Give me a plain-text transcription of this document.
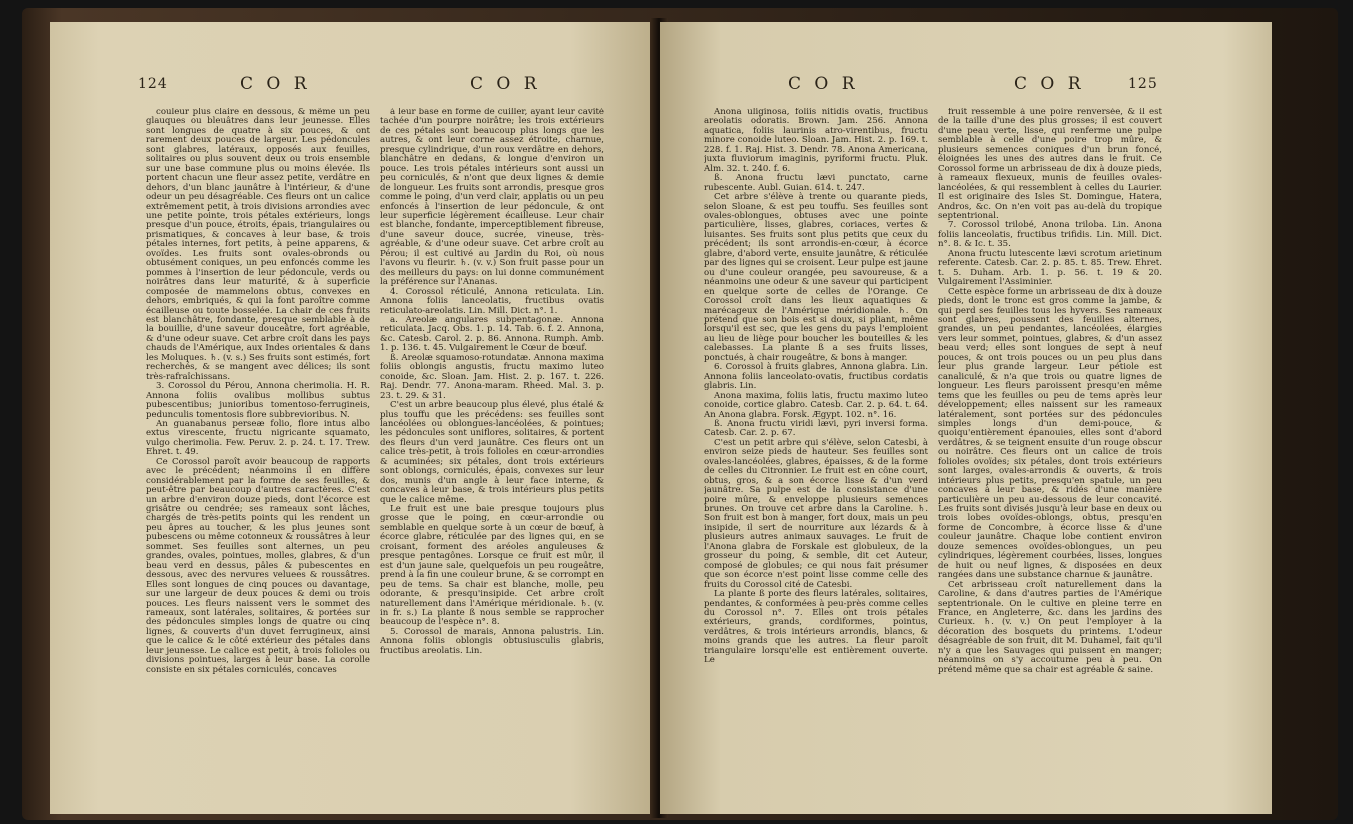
124	C O R	C O R

couleur plus claire en dessous, & même un peu glauques ou bleuâtres dans leur jeunesse. Elles sont longues de quatre à six pouces, & ont rarement deux pouces de largeur. Les pédoncules sont glabres, latéraux, opposés aux feuilles, solitaires ou plus souvent deux ou trois ensemble sur une base commune plus ou moins élevée. Ils portent chacun une fleur assez petite, verdâtre en dehors, d'un blanc jaunâtre à l'intérieur, & d'une odeur un peu désagréable. Ces fleurs ont un calice extrêmement petit, à trois divisions arrondies avec une petite pointe, trois pétales extérieurs, longs presque d'un pouce, étroits, épais, triangulaires ou prismatiques, & concaves à leur base, & trois pétales internes, fort petits, à peine apparens, & ovoïdes. Les fruits sont ovales-obronds ou obtusément coniques, un peu enfoncés comme les pommes à l'insertion de leur pédoncule, verds ou noirâtres dans leur maturité, & à superficie composée de mammelons obtus, convexes en dehors, embriqués, & qui la font paroître comme écailleuse ou toute bosselée. La chair de ces fruits est blanchâtre, fondante, presque semblable à de la bouillie, d'une saveur douceâtre, fort agréable, & d'une odeur suave. Cet arbre croît dans les pays chauds de l'Amérique, aux Indes orientales & dans les Moluques. ♄. (v. s.) Ses fruits sont estimés, fort recherchés, & se mangent avec délices; ils sont très-rafraîchissans.

3. Corossol du Pérou, Annona cherimolia. H. R. Annona foliis ovalibus mollibus subtus pubescentibus; junioribus tomentoso-ferrugineis, pedunculis tomentosis flore subbrevioribus. N.

An guanabanus perseæ folio, flore intus albo extus virescente, fructu nigricante squamato, vulgo cherimolia. Few. Peruv. 2. p. 24. t. 17. Trew. Ehret. t. 49.

Ce Corossol paroît avoir beaucoup de rapports avec le précédent; néanmoins il en diffère considérablement par la forme de ses feuilles, & peut-être par beaucoup d'autres caractères. C'est un arbre d'environ douze pieds, dont l'écorce est grisâtre ou cendrée; ses rameaux sont lâches, chargés de très-petits points qui les rendent un peu âpres au toucher, & les plus jeunes sont pubescens ou même cotonneux & roussâtres à leur sommet. Ses feuilles sont alternes, un peu grandes, ovales, pointues, molles, glabres, & d'un beau verd en dessus, pâles & pubescentes en dessous, avec des nervures veluees & roussâtres. Elles sont longues de cinq pouces ou davantage, sur une largeur de deux pouces & demi ou trois pouces. Les fleurs naissent vers le sommet des rameaux, sont latérales, solitaires, & portées sur des pédoncules simples longs de quatre ou cinq lignes, & couverts d'un duvet ferrugineux, ainsi que le calice & le côté extérieur des pétales dans leur jeunesse. Le calice est petit, à trois folioles ou divisions pointues, larges à leur base. La corolle consiste en six pétales corniculés, concaves

à leur base en forme de cuiller, ayant leur cavité tachée d'un pourpre noirâtre; les trois extérieurs de ces pétales sont beaucoup plus longs que les autres, & ont leur corne assez étroite, charnue, presque cylindrique, d'un roux verdâtre en dehors, blanchâtre en dedans, & longue d'environ un pouce. Les trois pétales intérieurs sont aussi un peu corniculés, & n'ont que deux lignes & demie de longueur. Les fruits sont arrondis, presque gros comme le poing, d'un verd clair, applatis ou un peu enfoncés à l'insertion de leur pédoncule, & ont leur superficie légèrement écailleuse. Leur chair est blanche, fondante, imperceptiblement fibreuse, d'une saveur douce, sucrée, vineuse, très-agréable, & d'une odeur suave. Cet arbre croît au Pérou; il est cultivé au Jardin du Roi, où nous l'avons vu fleurir. ♄. (v. v.) Son fruit passe pour un des meilleurs du pays: on lui donne communément la préférence sur l'Ananas.

4. Corossol réticulé, Annona reticulata. Lin. Annona foliis lanceolatis, fructibus ovatis reticulato-areolatis. Lin. Mill. Dict. n°. 1.

a. Areolæ angulares subpentagonæ. Annona reticulata. Jacq. Obs. 1. p. 14. Tab. 6. f. 2. Annona, &c. Catesb. Carol. 2. p. 86. Annona. Rumph. Amb. 1. p. 136. t. 45. Vulgairement le Cœur de bœuf.

ß. Areolæ squamoso-rotundatæ. Annona maxima foliis oblongis angustis, fructu maximo luteo conoide, &c. Sloan. Jam. Hist. 2. p. 167. t. 226. Raj. Dendr. 77. Anona-maram. Rheed. Mal. 3. p. 23. t. 29. & 31.

C'est un arbre beaucoup plus élevé, plus étalé & plus touffu que les précédens: ses feuilles sont lancéolées ou oblongues-lancéolées, & pointues; les pédoncules sont uniflores, solitaires, & portent des fleurs d'un verd jaunâtre. Ces fleurs ont un calice très-petit, à trois folioles en cœur-arrondies & acuminées; six pétales, dont trois extérieurs sont oblongs, corniculés, épais, convexes sur leur dos, munis d'un angle à leur face interne, & concaves à leur base, & trois intérieurs plus petits que le calice même.

Le fruit est une baie presque toujours plus grosse que le poing, en cœur-arrondie ou semblable en quelque sorte à un cœur de bœuf, à écorce glabre, réticulée par des lignes qui, en se croisant, forment des aréoles anguleuses & presque pentagônes. Lorsque ce fruit est mûr, il est d'un jaune sale, quelquefois un peu rougeâtre, prend à la fin une couleur brune, & se corrompt en peu de tems. Sa chair est blanche, molle, peu odorante, & presqu'insipide. Cet arbre croît naturellement dans l'Amérique méridionale. ♄. (v. in fr. s.) La plante ß nous semble se rapprocher beaucoup de l'espèce n°. 8.

5. Corossol de marais, Annona palustris. Lin. Annona foliis oblongis obtusiusculis glabris, fructibus areolatis. Lin.

C O R	C O R	125

Anona uliginosa, foliis nitidis ovatis, fructibus areolatis odoratis. Brown. Jam. 256. Annona aquatica, foliis laurinis atro-virentibus, fructu minore conoide luteo. Sloan. Jam. Hist. 2. p. 169. t. 228. f. 1. Raj. Hist. 3. Dendr. 78. Anona Americana, juxta fluviorum imaginis, pyriformi fructu. Pluk. Alm. 32. t. 240. f. 6.

ß. Anona fructu lævi punctato, carne rubescente. Aubl. Guian. 614. t. 247.

Cet arbre s'élève à trente ou quarante pieds, selon Sloane, & est peu touffu. Ses feuilles sont ovales-oblongues, obtuses avec une pointe particulière, lisses, glabres, coriaces, vertes & luisantes. Ses fruits sont plus petits que ceux du précédent; ils sont arrondis-en-cœur, à écorce glabre, d'abord verte, ensuite jaunâtre, & réticulée par des lignes qui se croisent. Leur pulpe est jaune ou d'une couleur orangée, peu savoureuse, & a néanmoins une odeur & une saveur qui participent en quelque sorte de celles de l'Orange. Ce Corossol croît dans les lieux aquatiques & marécageux de l'Amérique méridionale. ♄. On prétend que son bois est si doux, si pliant, même lorsqu'il est sec, que les gens du pays l'emploient au lieu de liège pour boucher les bouteilles & les calebasses. La plante ß a ses fruits lisses, ponctués, à chair rougeâtre, & bons à manger.

6. Corossol à fruits glabres, Annona glabra. Lin. Annona foliis lanceolato-ovatis, fructibus cordatis glabris. Lin.

Anona maxima, foliis latis, fructu maximo luteo conoide, cortice glabro. Catesb. Car. 2. p. 64. t. 64. An Anona glabra. Forsk. Ægypt. 102. n°. 16.

ß. Anona fructu viridi lævi, pyri inversi forma. Catesb. Car. 2. p. 67.

C'est un petit arbre qui s'élève, selon Catesbi, à environ seize pieds de hauteur. Ses feuilles sont ovales-lancéolées, glabres, épaisses, & de la forme de celles du Citronnier. Le fruit est en cône court, obtus, gros, & a son écorce lisse & d'un verd jaunâtre. Sa pulpe est de la consistance d'une poire mûre, & enveloppe plusieurs semences brunes. On trouve cet arbre dans la Caroline. ♄. Son fruit est bon à manger, fort doux, mais un peu insipide, il sert de nourriture aux lézards & à plusieurs autres animaux sauvages. Le fruit de l'Anona glabra de Forskale est globuleux, de la grosseur du poing, & semble, dit cet Auteur, composé de globules; ce qui nous fait présumer que son écorce n'est point lisse comme celle des fruits du Corossol cité de Catesbi.

La plante ß porte des fleurs latérales, solitaires, pendantes, & conformées à peu-près comme celles du Corossol n°. 7. Elles ont trois pétales extérieurs, grands, cordiformes, pointus, verdâtres, & trois intérieurs arrondis, blancs, & moins grands que les autres. La fleur paroît triangulaire lorsqu'elle est entièrement ouverte. Le

fruit ressemble à une poire renversée, & il est de la taille d'une des plus grosses; il est couvert d'une peau verte, lisse, qui renferme une pulpe semblable à celle d'une poire trop mûre, & plusieurs semences coniques d'un brun foncé, éloignées les unes des autres dans le fruit. Ce Corossol forme un arbrisseau de dix à douze pieds, à rameaux flexueux, munis de feuilles ovales-lancéolées, & qui ressemblent à celles du Laurier. Il est originaire des Isles St. Domingue, Hatera, Andros, &c. On n'en voit pas au-delà du tropique septentrional.

7. Corossol trilobé, Anona triloba. Lin. Anona foliis lanceolatis, fructibus trifidis. Lin. Mill. Dict. n°. 8. & Ic. t. 35.

Anona fructu lutescente lævi scrotum arietinum referente. Catesb. Car. 2. p. 85. t. 85. Trew. Ehret. t. 5. Duham. Arb. 1. p. 56. t. 19 & 20. Vulgairement l'Assiminier.

Cette espèce forme un arbrisseau de dix à douze pieds, dont le tronc est gros comme la jambe, & qui perd ses feuilles tous les hyvers. Ses rameaux sont glabres, poussent des feuilles alternes, grandes, un peu pendantes, lancéolées, élargies vers leur sommet, pointues, glabres, & d'un assez beau verd; elles sont longues de sept à neuf pouces, & ont trois pouces ou un peu plus dans leur plus grande largeur. Leur pétiole est canaliculé, & n'a que trois ou quatre lignes de longueur. Les fleurs paroissent presqu'en même tems que les feuilles ou peu de tems après leur développement; elles naissent sur les rameaux latéralement, sont portées sur des pédoncules simples longs d'un demi-pouce, & quoiqu'entièrement épanouies, elles sont d'abord verdâtres, & se teignent ensuite d'un rouge obscur ou noirâtre. Ces fleurs ont un calice de trois folioles ovoïdes; six pétales, dont trois extérieurs sont larges, ovales-arrondis & ouverts, & trois intérieurs plus petits, presqu'en spatule, un peu concaves à leur base, & ridés d'une manière particulière un peu au-dessous de leur concavité. Les fruits sont divisés jusqu'à leur base en deux ou trois lobes ovoïdes-oblongs, obtus, presqu'en forme de Concombre, à écorce lisse & d'une couleur jaunâtre. Chaque lobe contient environ douze semences ovoïdes-oblongues, un peu cylindriques, légèrement courbées, lisses, longues de huit ou neuf lignes, & disposées en deux rangées dans une substance charnue & jaunâtre.

Cet arbrisseau croît naturellement dans la Caroline, & dans d'autres parties de l'Amérique septentrionale. On le cultive en pleine terre en France, en Angleterre, &c. dans les jardins des Curieux. ♄. (v. v.) On peut l'employer à la décoration des bosquets du printems. L'odeur désagréable de son fruit, dit M. Duhamel, fait qu'il n'y a que les Sauvages qui puissent en manger; néanmoins on s'y accoutume peu à peu. On prétend même que sa chair est agréable & saine.
